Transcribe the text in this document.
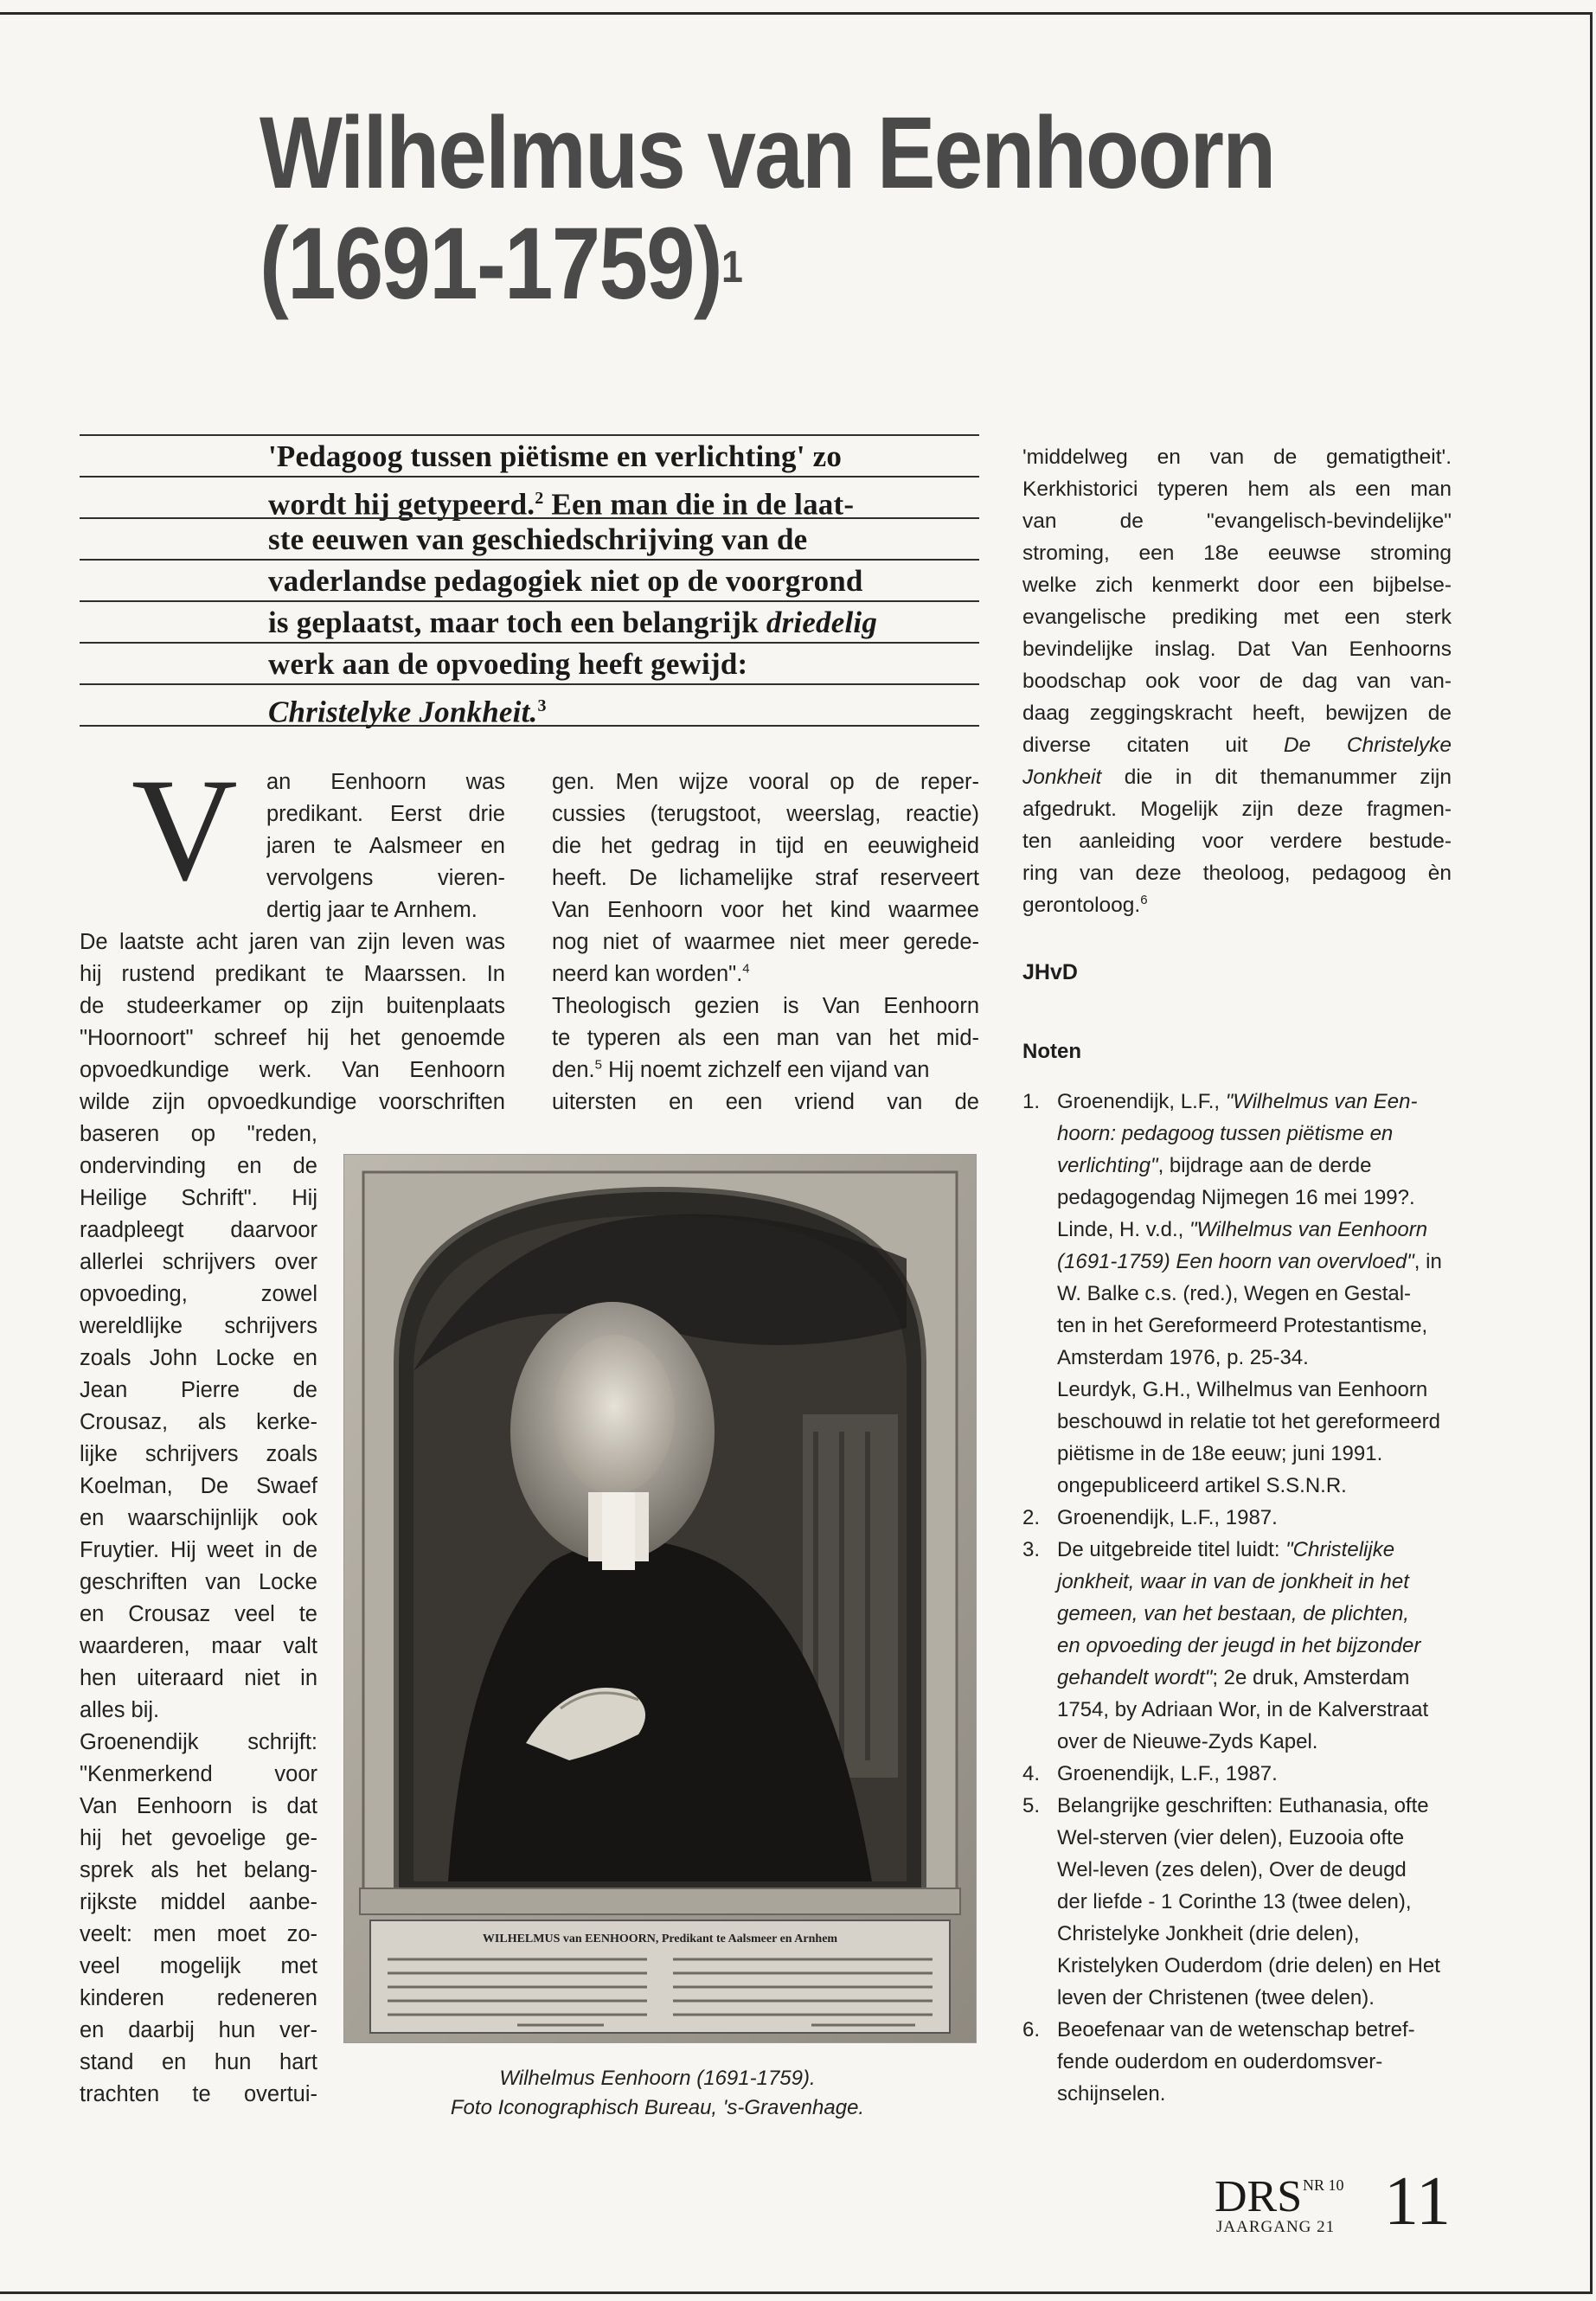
Wilhelmus van Eenhoorn
(1691-1759)$^1$
'Pedagoog tussen piëtisme en verlichting' zo
wordt hij getypeerd.$^2$ Een man die in de laat-
ste eeuwen van geschiedschrijving van de
vaderlandse pedagogiek niet op de voorgrond
is geplaatst, maar toch een belangrijk driedelig
werk aan de opvoeding heeft gewijd:
Christelyke Jonkheit.$^3$
V an Eenhoorn was
predikant. Eerst drie
jaren te Aalsmeer en
vervolgens vieren-
dertig jaar te Arnhem.
De laatste acht jaren van zijn leven was
hij rustend predikant te Maarssen. In
de studeerkamer op zijn buitenplaats
"Hoornoort" schreef hij het genoemde
opvoedkundige werk. Van Eenhoorn
wilde zijn opvoedkundige voorschriften
baseren op "reden,
ondervinding en de
Heilige Schrift". Hij
raadpleegt daarvoor
allerlei schrijvers over
opvoeding, zowel
wereldlijke schrijvers
zoals John Locke en
Jean Pierre de
Crousaz, als kerke-
lijke schrijvers zoals
Koelman, De Swaef
en waarschijnlijk ook
Fruytier. Hij weet in de
geschriften van Locke
en Crousaz veel te
waarderen, maar valt
hen uiteraard niet in
alles bij.
Groenendijk schrijft:
"Kenmerkend voor
Van Eenhoorn is dat
hij het gevoelige ge-
sprek als het belang-
rijkste middel aanbe-
veelt: men moet zo-
veel mogelijk met
kinderen redeneren
en daarbij hun ver-
stand en hun hart
trachten te overtui-
gen. Men wijze vooral op de reper-
cussies (terugstoot, weerslag, reactie)
die het gedrag in tijd en eeuwigheid
heeft. De lichamelijke straf reserveert
Van Eenhoorn voor het kind waarmee
nog niet of waarmee niet meer gerede-
neerd kan worden".$^4$
Theologisch gezien is Van Eenhoorn
te typeren als een man van het mid-
den.$^5$ Hij noemt zichzelf een vijand van
uitersten en een vriend van de
'middelweg en van de gematigtheit'.
Kerkhistorici typeren hem als een man
van de "evangelisch-bevindelijke"
stroming, een 18e eeuwse stroming
welke zich kenmerkt door een bijbelse-
evangelische prediking met een sterk
bevindelijke inslag. Dat Van Eenhoorns
boodschap ook voor de dag van van-
daag zeggingskracht heeft, bewijzen de
diverse citaten uit De Christelyke
Jonkheit die in dit themanummer zijn
afgedrukt. Mogelijk zijn deze fragmen-
ten aanleiding voor verdere bestude-
ring van deze theoloog, pedagoog èn
gerontoloog.$^6$
JHvD
Noten
WILHELMUS van EENHOORN, Predikant te Aalsmeer en Arnhem
Wilhelmus Eenhoorn (1691-1759).
Foto Iconographisch Bureau, 's-Gravenhage.
1. Groenendijk, L.F., "Wilhelmus van Een-
hoorn: pedagoog tussen piëtisme en
verlichting", bijdrage aan de derde
pedagogendag Nijmegen 16 mei 199?.
Linde, H. v.d., "Wilhelmus van Eenhoorn
(1691-1759) Een hoorn van overvloed", in
W. Balke c.s. (red.), Wegen en Gestal-
ten in het Gereformeerd Protestantisme,
Amsterdam 1976, p. 25-34.
Leurdyk, G.H., Wilhelmus van Eenhoorn
beschouwd in relatie tot het gereformeerd
piëtisme in de 18e eeuw; juni 1991.
ongepubliceerd artikel S.S.N.R.
2. Groenendijk, L.F., 1987.
3. De uitgebreide titel luidt: "Christelijke
jonkheit, waar in van de jonkheit in het
gemeen, van het bestaan, de plichten,
en opvoeding der jeugd in het bijzonder
gehandelt wordt"; 2e druk, Amsterdam
1754, by Adriaan Wor, in de Kalverstraat
over de Nieuwe-Zyds Kapel.
4. Groenendijk, L.F., 1987.
5. Belangrijke geschriften: Euthanasia, ofte
Wel-sterven (vier delen), Euzooia ofte
Wel-leven (zes delen), Over de deugd
der liefde - 1 Corinthe 13 (twee delen),
Christelyke Jonkheit (drie delen),
Kristelyken Ouderdom (drie delen) en Het
leven der Christenen (twee delen).
6. Beoefenaar van de wetenschap betref-
fende ouderdom en ouderdomsver-
schijnselen.
DRS NR 10
JAARGANG 21 11
